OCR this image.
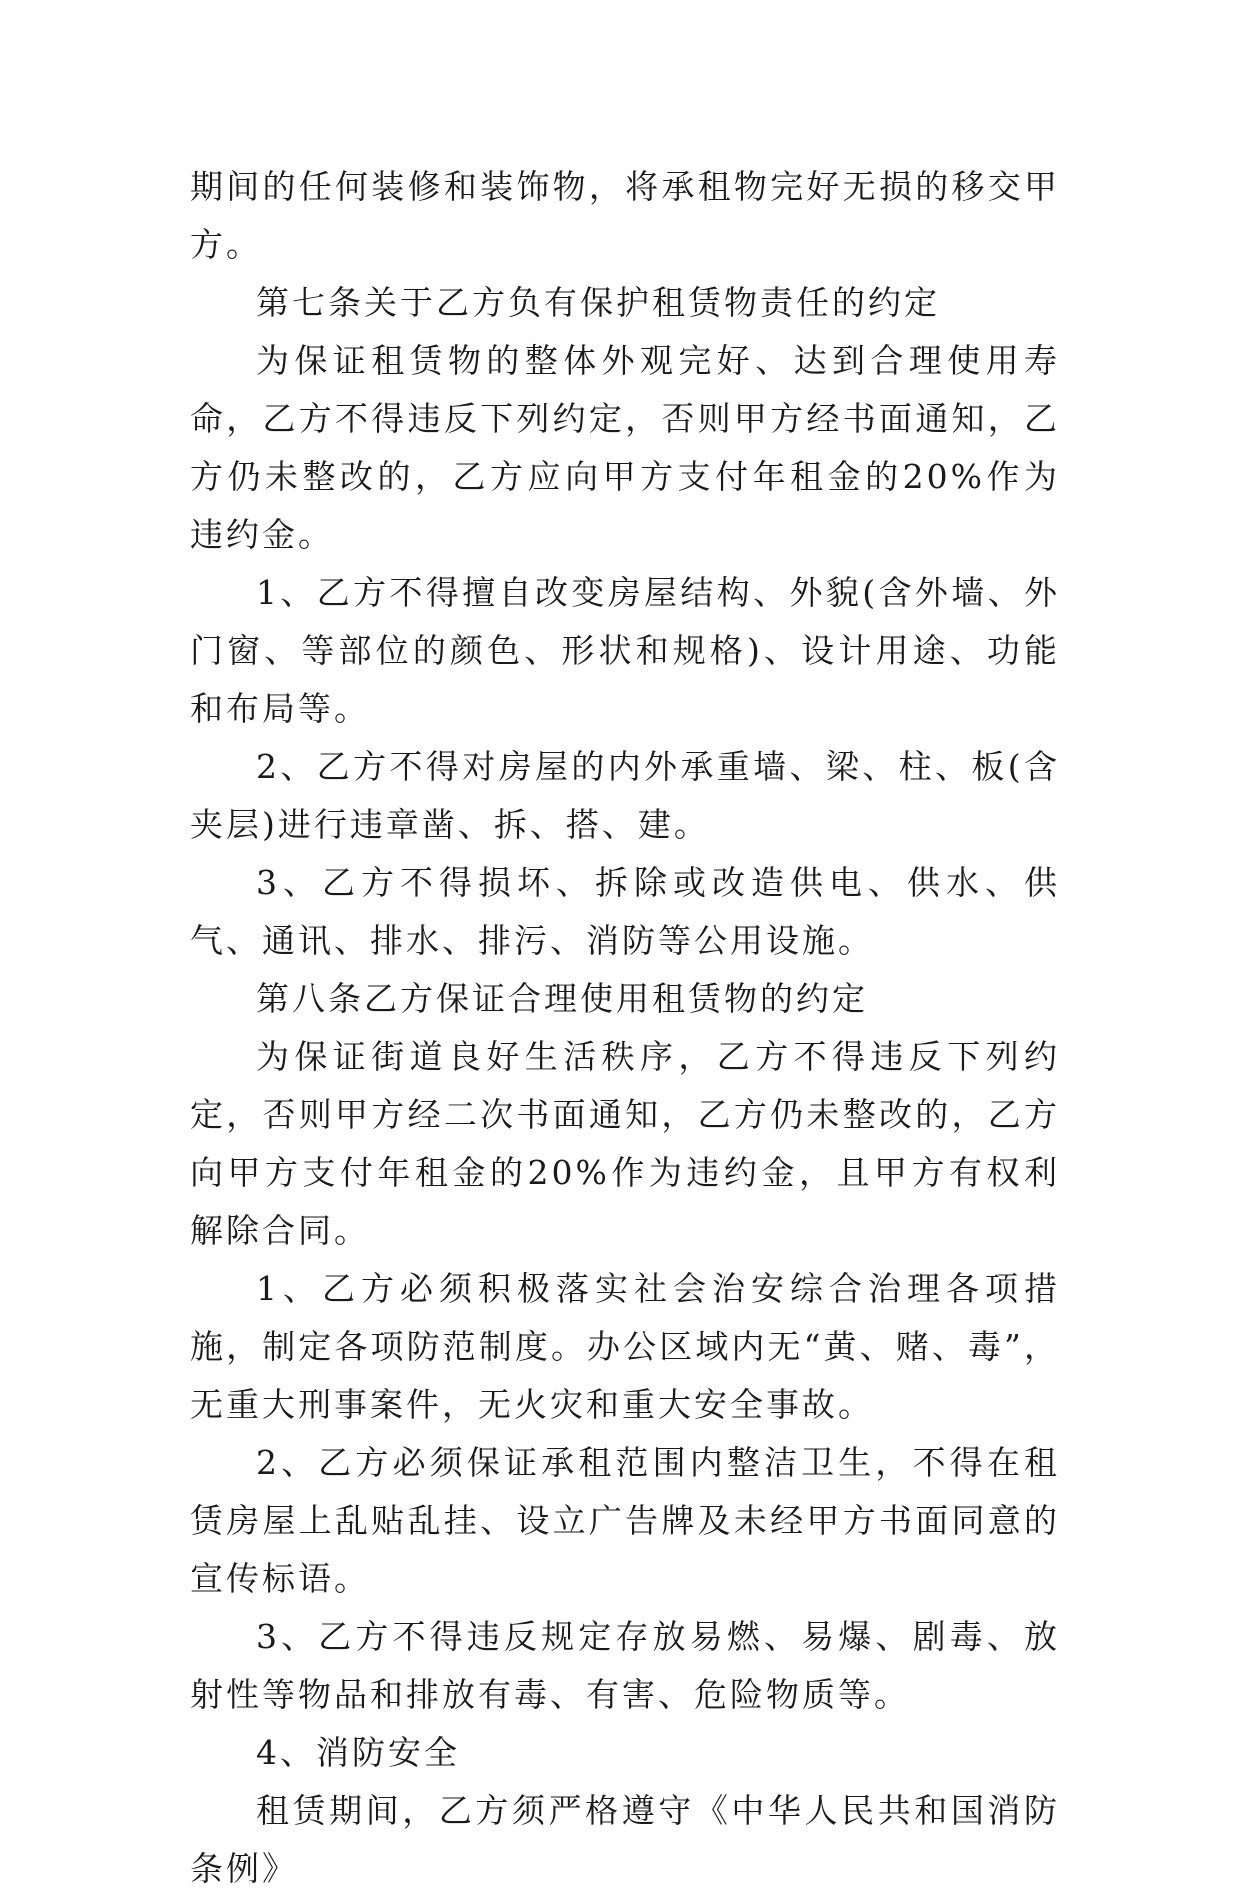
期间的任何装修和装饰物，将承租物完好无损的移交甲方。

第七条关于乙方负有保护租赁物责任的约定

为保证租赁物的整体外观完好、达到合理使用寿命，乙方不得违反下列约定，否则甲方经书面通知，乙方仍未整改的，乙方应向甲方支付年租金的20%作为违约金。

1、乙方不得擅自改变房屋结构、外貌(含外墙、外门窗、等部位的颜色、形状和规格)、设计用途、功能和布局等。

2、乙方不得对房屋的内外承重墙、梁、柱、板(含夹层)进行违章凿、拆、搭、建。

3、乙方不得损坏、拆除或改造供电、供水、供气、通讯、排水、排污、消防等公用设施。

第八条乙方保证合理使用租赁物的约定

为保证街道良好生活秩序，乙方不得违反下列约定，否则甲方经二次书面通知，乙方仍未整改的，乙方向甲方支付年租金的20%作为违约金，且甲方有权利解除合同。

1、乙方必须积极落实社会治安综合治理各项措施，制定各项防范制度。办公区域内无“黄、赌、毒”，无重大刑事案件，无火灾和重大安全事故。

2、乙方必须保证承租范围内整洁卫生，不得在租赁房屋上乱贴乱挂、设立广告牌及未经甲方书面同意的宣传标语。

3、乙方不得违反规定存放易燃、易爆、剧毒、放射性等物品和排放有毒、有害、危险物质等。

4、消防安全

租赁期间，乙方须严格遵守《中华人民共和国消防条例》
